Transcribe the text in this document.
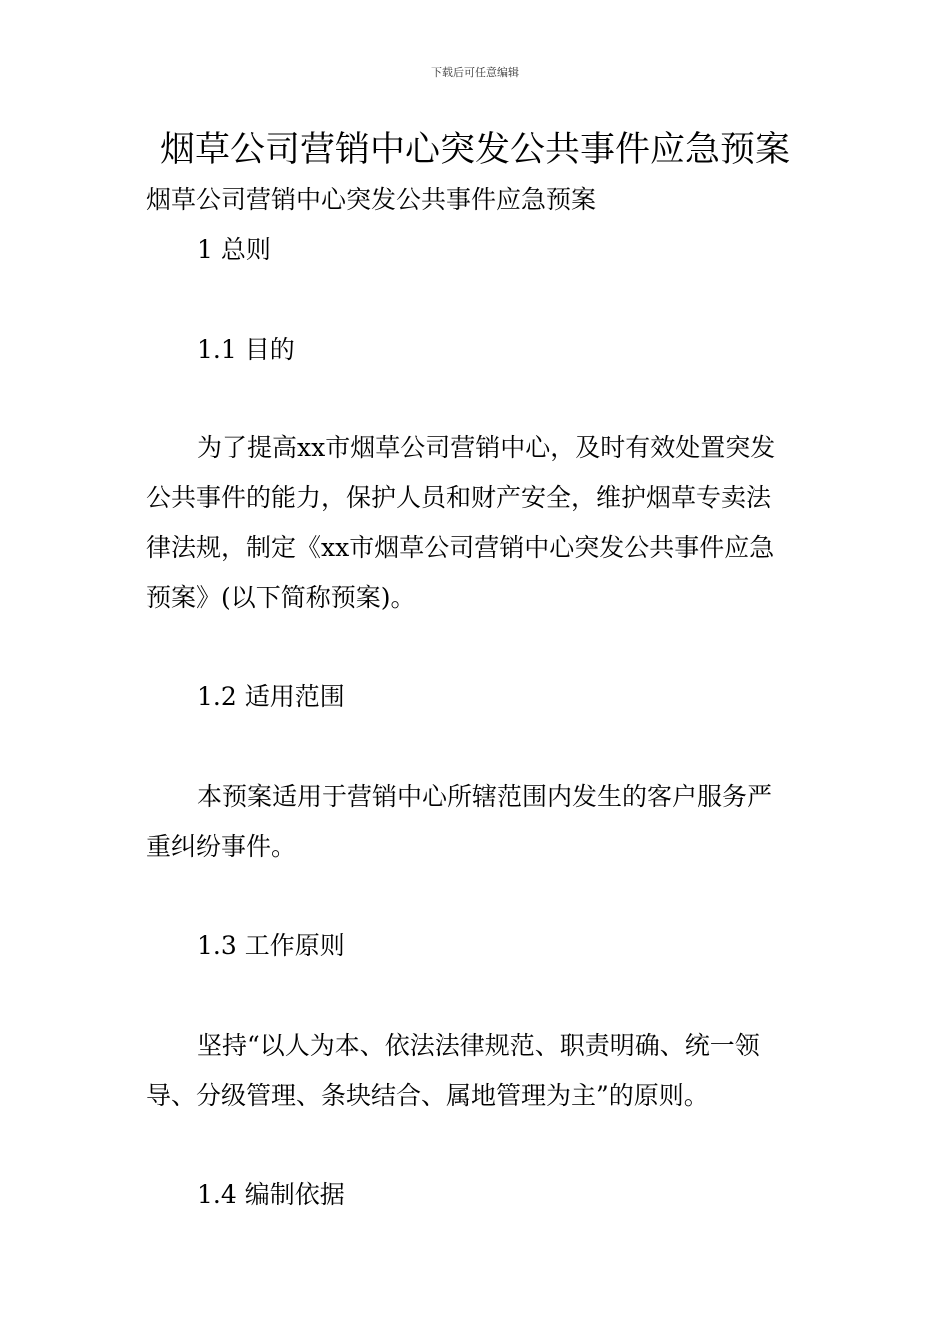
下载后可任意编辑
烟草公司营销中心突发公共事件应急预案

烟草公司营销中心突发公共事件应急预案

1 总则

1.1 目的

为了提高xx市烟草公司营销中心，及时有效处置突发
公共事件的能力，保护人员和财产安全，维护烟草专卖法
律法规，制定《xx市烟草公司营销中心突发公共事件应急
预案》(以下简称预案)。

1.2 适用范围

本预案适用于营销中心所辖范围内发生的客户服务严
重纠纷事件。

1.3 工作原则

坚持“以人为本、依法法律规范、职责明确、统一领
导、分级管理、条块结合、属地管理为主”的原则。

1.4 编制依据
